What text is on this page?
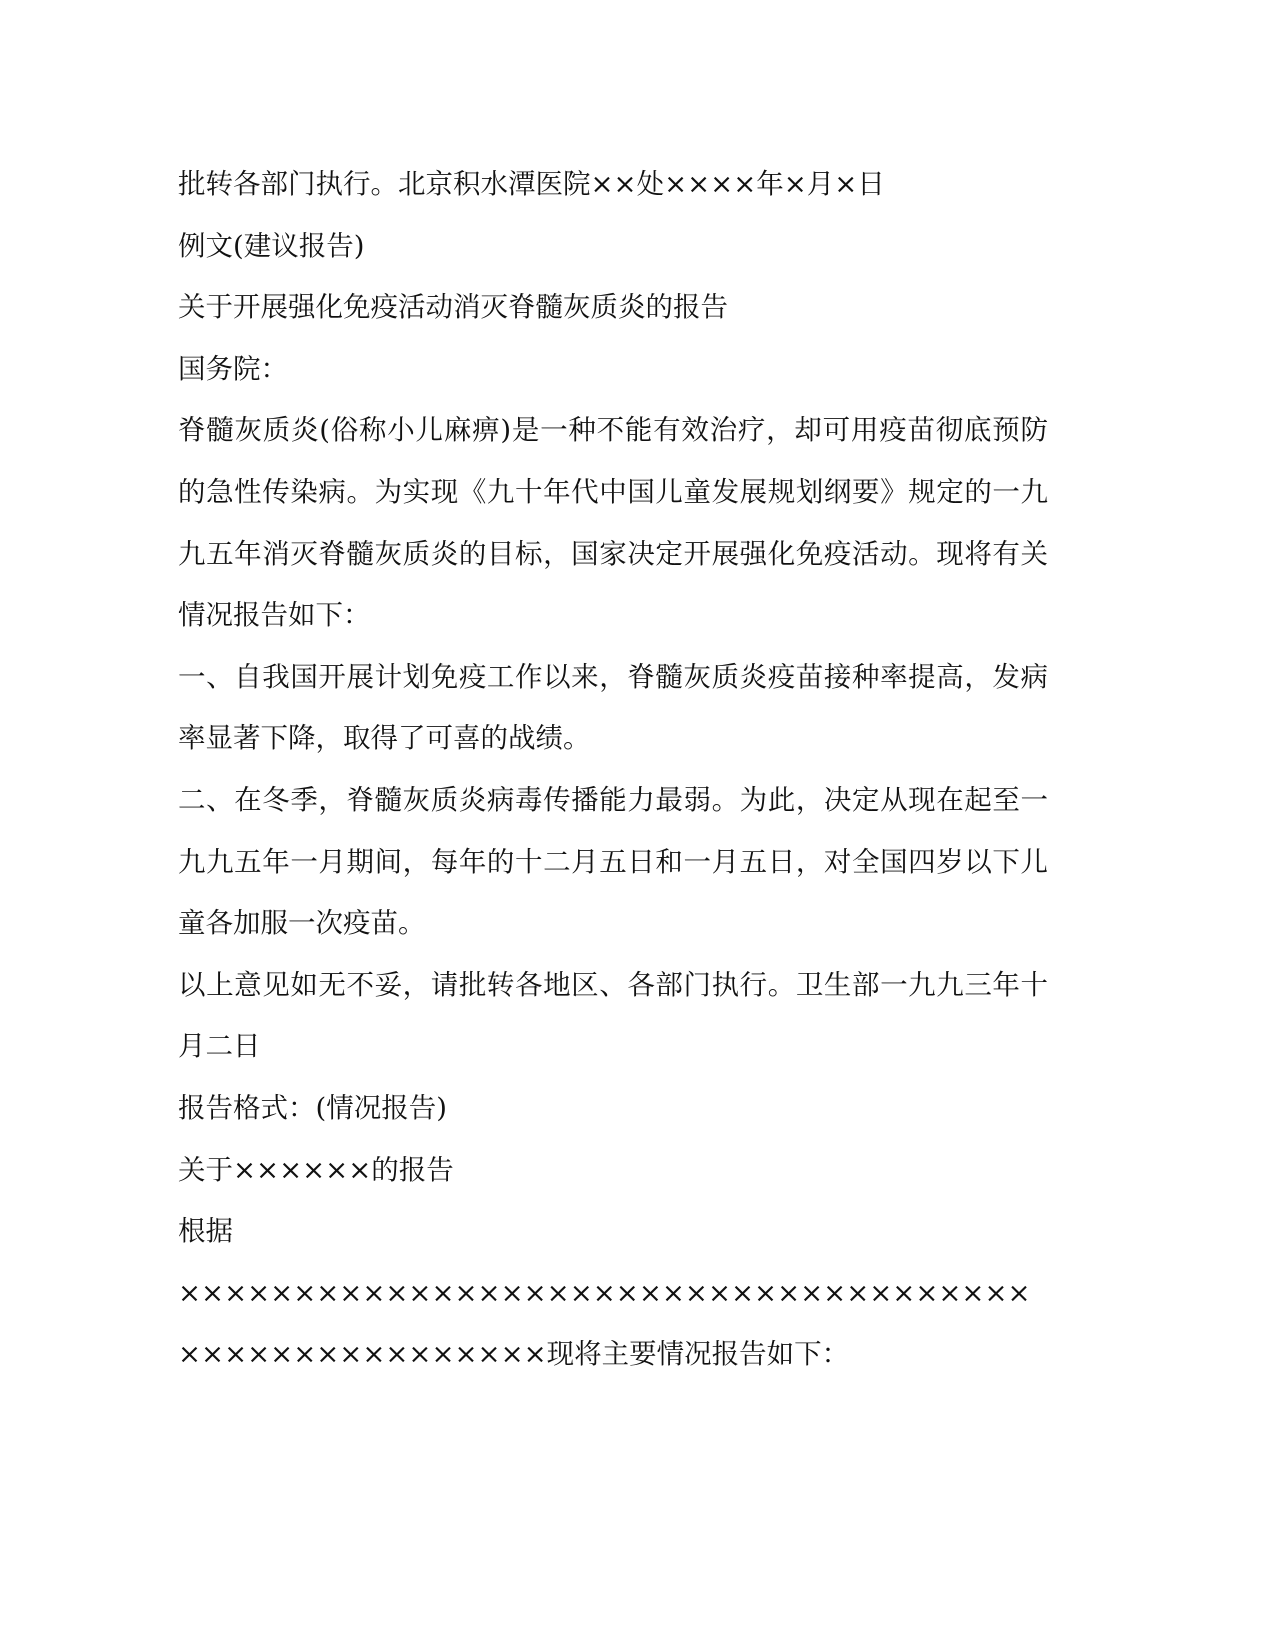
批转各部门执行。北京积水潭医院××处××××年×月×日

例文(建议报告)

关于开展强化免疫活动消灭脊髓灰质炎的报告

国务院：

脊髓灰质炎(俗称小儿麻痹)是一种不能有效治疗，却可用疫苗彻底预防的急性传染病。为实现《九十年代中国儿童发展规划纲要》规定的一九九五年消灭脊髓灰质炎的目标，国家决定开展强化免疫活动。现将有关情况报告如下：

一、自我国开展计划免疫工作以来，脊髓灰质炎疫苗接种率提高，发病率显著下降，取得了可喜的战绩。

二、在冬季，脊髓灰质炎病毒传播能力最弱。为此，决定从现在起至一九九五年一月期间，每年的十二月五日和一月五日，对全国四岁以下儿童各加服一次疫苗。

以上意见如无不妥，请批转各地区、各部门执行。卫生部一九九三年十月二日

报告格式：(情况报告)

关于××××××的报告

根据

×××××××××××××××××××××××××××××××××××××××××××××××××××××现将主要情况报告如下：
